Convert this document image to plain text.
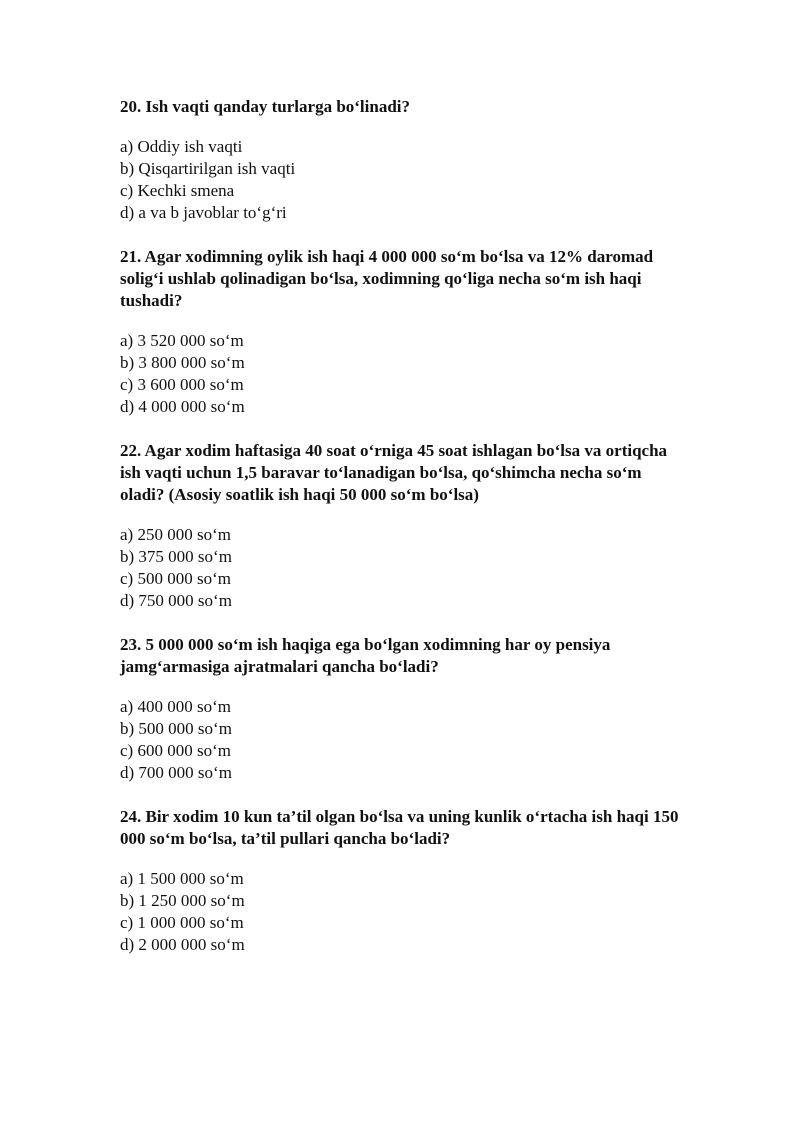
20. Ish vaqti qanday turlarga bo‘linadi?

a) Oddiy ish vaqti

b) Qisqartirilgan ish vaqti

c) Kechki smena

d) a va b javoblar to‘g‘ri

21. Agar xodimning oylik ish haqi 4 000 000 so‘m bo‘lsa va 12% daromad solig‘i ushlab qolinadigan bo‘lsa, xodimning qo‘liga necha so‘m ish haqi tushadi?

a) 3 520 000 so‘m

b) 3 800 000 so‘m

c) 3 600 000 so‘m

d) 4 000 000 so‘m

22. Agar xodim haftasiga 40 soat o‘rniga 45 soat ishlagan bo‘lsa va ortiqcha ish vaqti uchun 1,5 baravar to‘lanadigan bo‘lsa, qo‘shimcha necha so‘m oladi? (Asosiy soatlik ish haqi 50 000 so‘m bo‘lsa)

a) 250 000 so‘m

b) 375 000 so‘m

c) 500 000 so‘m

d) 750 000 so‘m

23. 5 000 000 so‘m ish haqiga ega bo‘lgan xodimning har oy pensiya jamg‘armasiga ajratmalari qancha bo‘ladi?

a) 400 000 so‘m

b) 500 000 so‘m

c) 600 000 so‘m

d) 700 000 so‘m

24. Bir xodim 10 kun ta’til olgan bo‘lsa va uning kunlik o‘rtacha ish haqi 150 000 so‘m bo‘lsa, ta’til pullari qancha bo‘ladi?

a) 1 500 000 so‘m

b) 1 250 000 so‘m

c) 1 000 000 so‘m

d) 2 000 000 so‘m
